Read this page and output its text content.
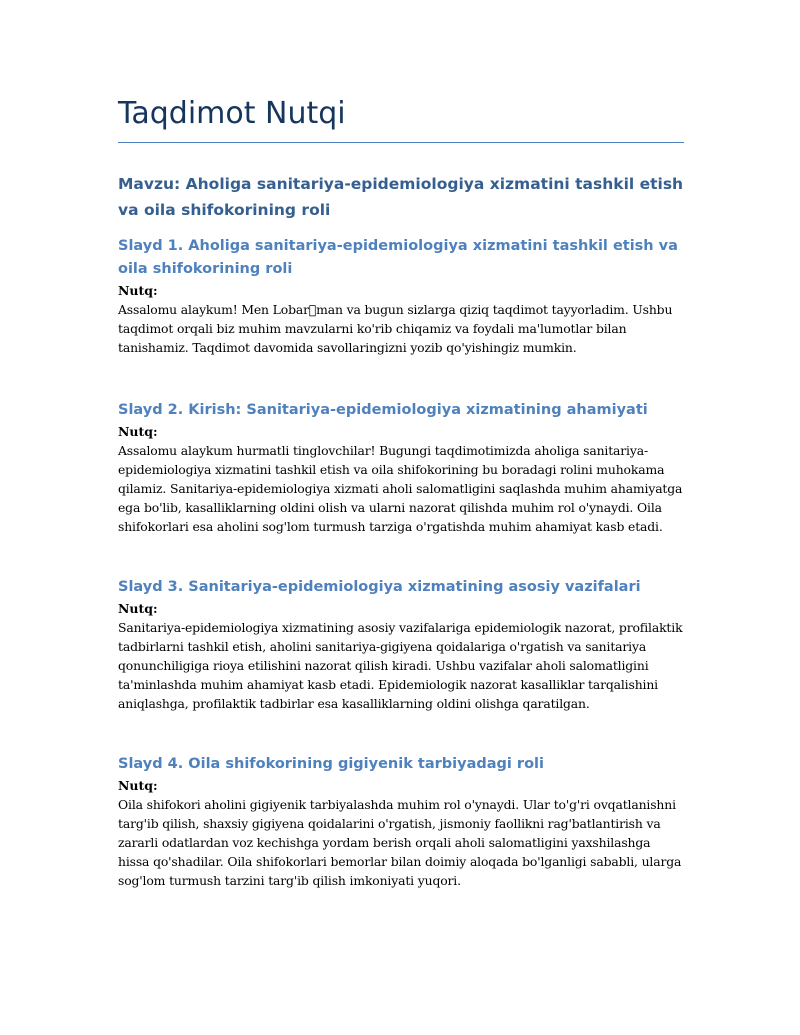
Taqdimot Nutqi
Mavzu: Aholiga sanitariya-epidemiologiya xizmatini tashkil etish va oila shifokorining roli
Slayd 1. Aholiga sanitariya-epidemiologiya xizmatini tashkil etish va oila shifokorining roli

Nutq:

Assalomu alaykum! Men Lobar man va bugun sizlarga qiziq taqdimot tayyorladim. Ushbu taqdimot orqali biz muhim mavzularni ko'rib chiqamiz va foydali ma'lumotlar bilan tanishamiz. Taqdimot davomida savollaringizni yozib qo'yishingiz mumkin.

Slayd 2. Kirish: Sanitariya-epidemiologiya xizmatining ahamiyati

Nutq:

Assalomu alaykum hurmatli tinglovchilar! Bugungi taqdimotimizda aholiga sanitariya-epidemiologiya xizmatini tashkil etish va oila shifokorining bu boradagi rolini muhokama qilamiz. Sanitariya-epidemiologiya xizmati aholi salomatligini saqlashda muhim ahamiyatga ega bo'lib, kasalliklarning oldini olish va ularni nazorat qilishda muhim rol o'ynaydi. Oila shifokorlari esa aholini sog'lom turmush tarziga o'rgatishda muhim ahamiyat kasb etadi.

Slayd 3. Sanitariya-epidemiologiya xizmatining asosiy vazifalari

Nutq:

Sanitariya-epidemiologiya xizmatining asosiy vazifalariga epidemiologik nazorat, profilaktik tadbirlarni tashkil etish, aholini sanitariya-gigiyena qoidalariga o'rgatish va sanitariya qonunchiligiga rioya etilishini nazorat qilish kiradi. Ushbu vazifalar aholi salomatligini ta'minlashda muhim ahamiyat kasb etadi. Epidemiologik nazorat kasalliklar tarqalishini aniqlashga, profilaktik tadbirlar esa kasalliklarning oldini olishga qaratilgan.

Slayd 4. Oila shifokorining gigiyenik tarbiyadagi roli

Nutq:

Oila shifokori aholini gigiyenik tarbiyalashda muhim rol o'ynaydi. Ular to'g'ri ovqatlanishni targ'ib qilish, shaxsiy gigiyena qoidalarini o'rgatish, jismoniy faollikni rag'batlantirish va zararli odatlardan voz kechishga yordam berish orqali aholi salomatligini yaxshilashga hissa qo'shadilar. Oila shifokorlari bemorlar bilan doimiy aloqada bo'lganligi sababli, ularga sog'lom turmush tarzini targ'ib qilish imkoniyati yuqori.
